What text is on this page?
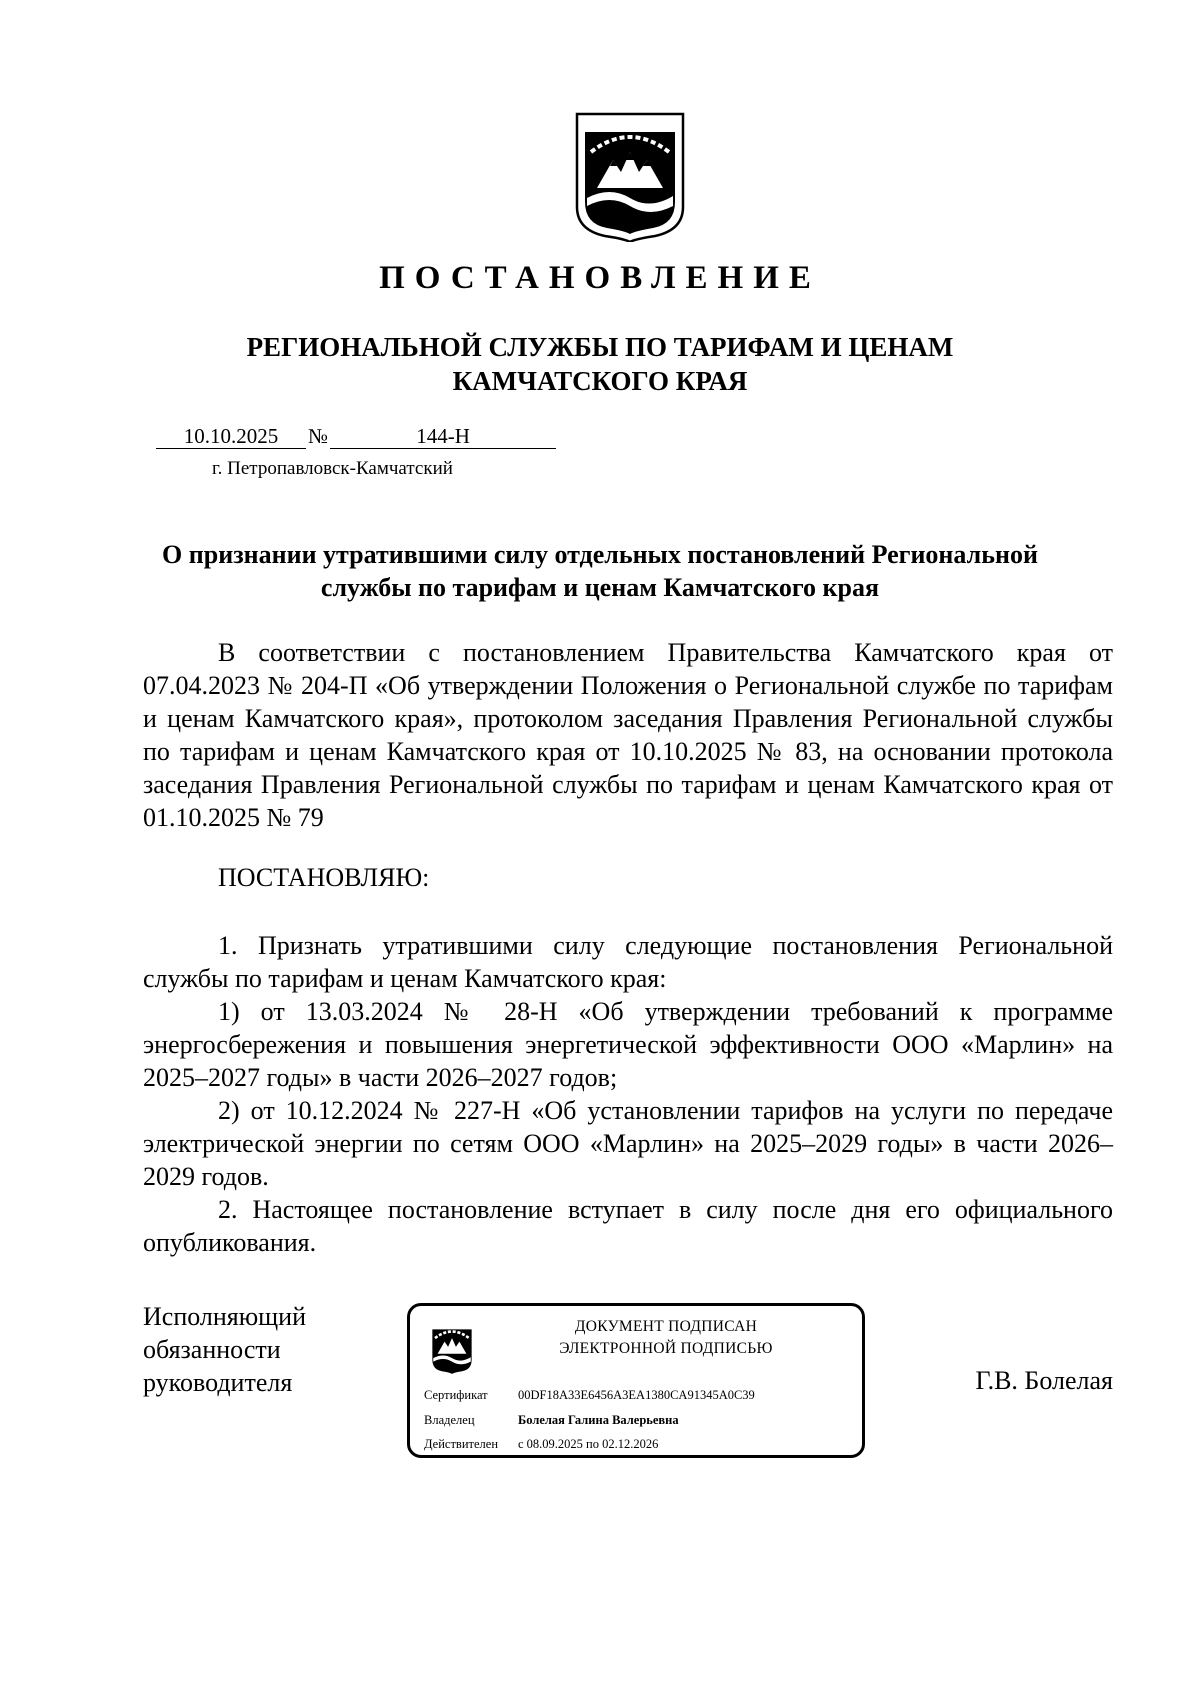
ПОСТАНОВЛЕНИЕ
РЕГИОНАЛЬНОЙ СЛУЖБЫ ПО ТАРИФАМ И ЦЕНАМ
КАМЧАТСКОГО КРАЯ
10.10.2025 №	144-Н
г. Петропавловск-Камчатский
О признании утратившими силу отдельных постановлений Региональной службы по тарифам и ценам Камчатского края

В соответствии с постановлением Правительства Камчатского края от 07.04.2023 № 204-П «Об утверждении Положения о Региональной службе по тарифам и ценам Камчатского края», протоколом заседания Правления Региональной службы по тарифам и ценам Камчатского края от 10.10.2025 № 83, на основании протокола заседания Правления Региональной службы по тарифам и ценам Камчатского края от 01.10.2025 № 79

ПОСТАНОВЛЯЮ:

1. Признать утратившими силу следующие постановления Региональной службы по тарифам и ценам Камчатского края:

1) от 13.03.2024 № 28-Н «Об утверждении требований к программе энергосбережения и повышения энергетической эффективности ООО «Марлин» на 2025–2027 годы» в части 2026–2027 годов;

2) от 10.12.2024 № 227-Н «Об установлении тарифов на услуги по передаче электрической энергии по сетям ООО «Марлин» на 2025–2029 годы» в части 2026–2029 годов.

2. Настоящее постановление вступает в силу после дня его официального опубликования.

Исполняющий
обязанности
руководителя
ДОКУМЕНТ ПОДПИСАН
ЭЛЕКТРОННОЙ ПОДПИСЬЮ
Сертификат 00DF18A33E6456A3EA1380CA91345A0C39
Владелец	Болелая Галина Валерьевна
Действителен с 08.09.2025 по 02.12.2026
Г.В. Болелая
